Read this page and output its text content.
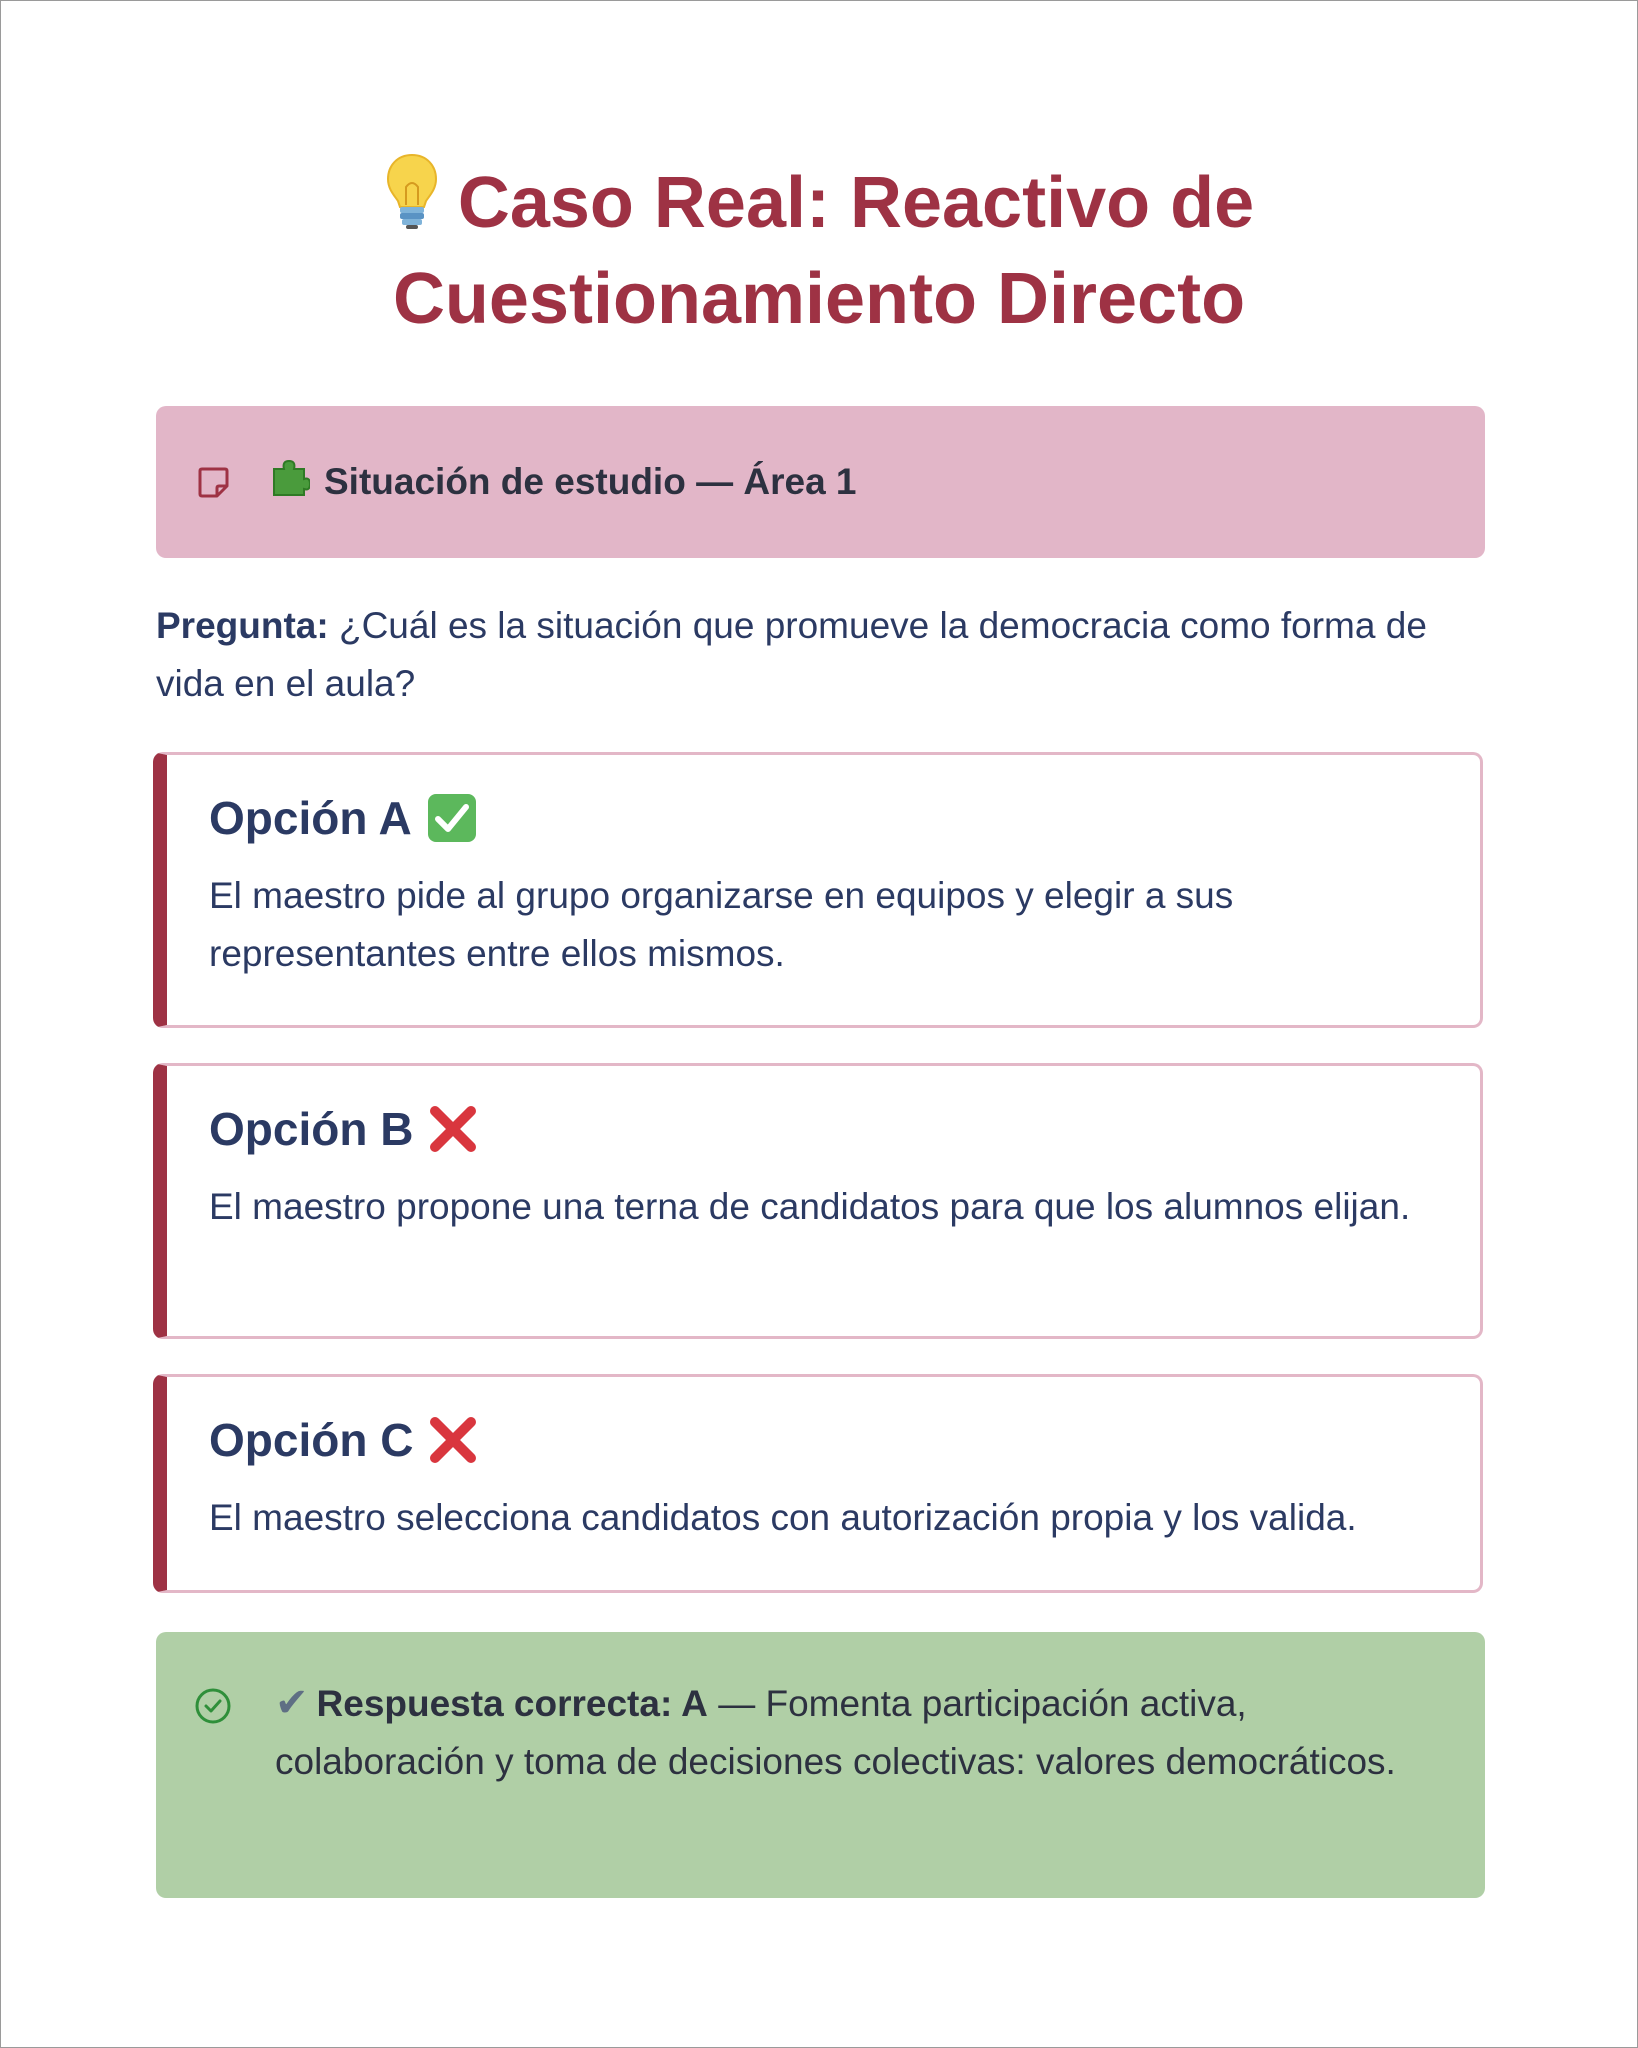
Caso Real: Reactivo de Cuestionamiento Directo
Situación de estudio — Área 1
Pregunta: ¿Cuál es la situación que promueve la democracia como forma de vida en el aula?
Opción A
El maestro pide al grupo organizarse en equipos y elegir a sus representantes entre ellos mismos.
Opción B
El maestro propone una terna de candidatos para que los alumnos elijan.
Opción C
El maestro selecciona candidatos con autorización propia y los valida.
✔ Respuesta correcta: A — Fomenta participación activa, colaboración y toma de decisiones colectivas: valores democráticos.
